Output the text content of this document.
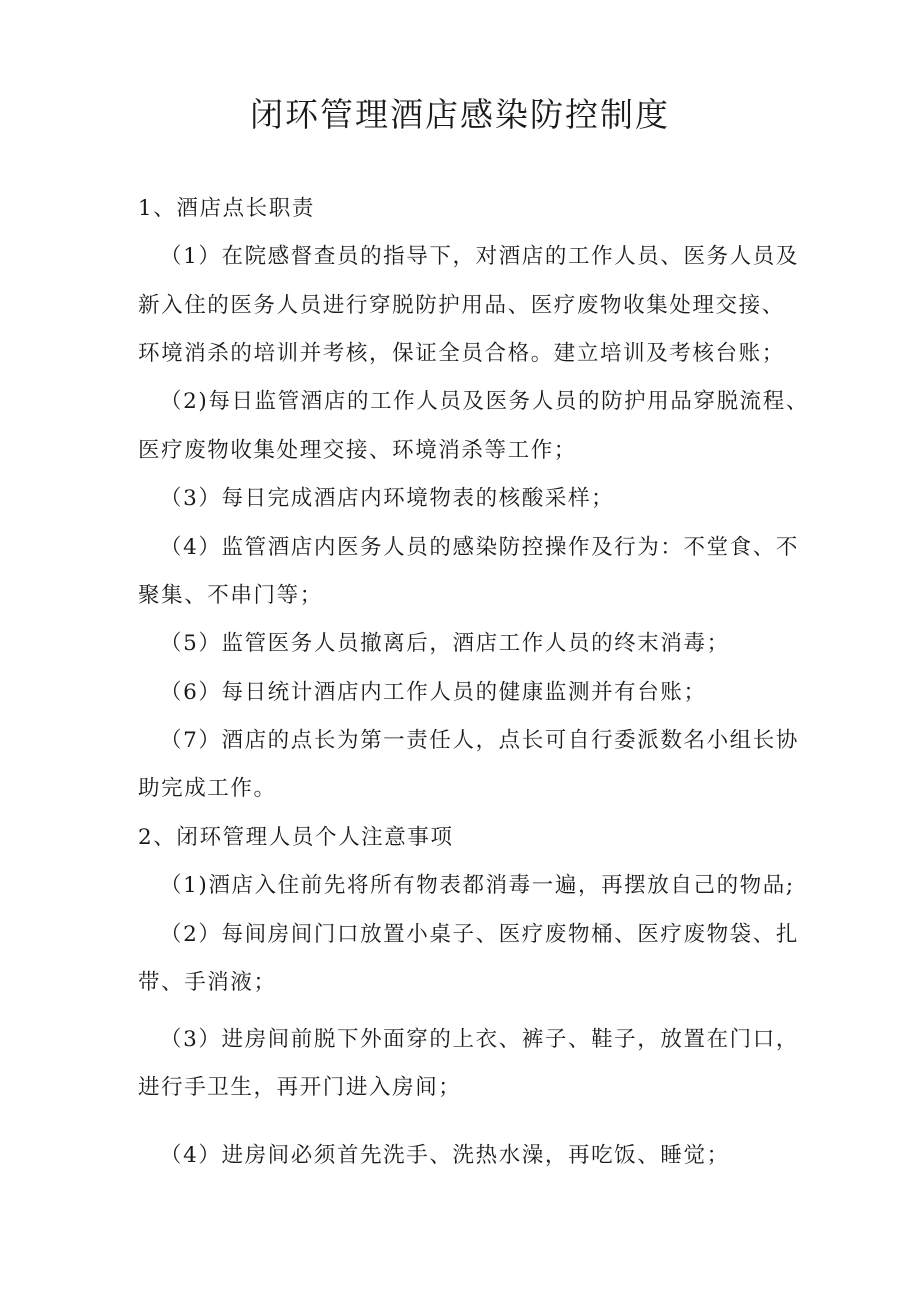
闭环管理酒店感染防控制度
1、酒店点长职责
（1）在院感督查员的指导下，对酒店的工作人员、医务人员及
新入住的医务人员进行穿脱防护用品、医疗废物收集处理交接、
环境消杀的培训并考核，保证全员合格。建立培训及考核台账；
（2)每日监管酒店的工作人员及医务人员的防护用品穿脱流程、
医疗废物收集处理交接、环境消杀等工作；
（3）每日完成酒店内环境物表的核酸采样；
（4）监管酒店内医务人员的感染防控操作及行为：不堂食、不
聚集、不串门等；
（5）监管医务人员撤离后，酒店工作人员的终末消毒；
（6）每日统计酒店内工作人员的健康监测并有台账；
（7）酒店的点长为第一责任人，点长可自行委派数名小组长协
助完成工作。
2、闭环管理人员个人注意事项
（1)酒店入住前先将所有物表都消毒一遍，再摆放自己的物品;
（2）每间房间门口放置小桌子、医疗废物桶、医疗废物袋、扎
带、手消液；
（3）进房间前脱下外面穿的上衣、裤子、鞋子，放置在门口，
进行手卫生，再开门进入房间；
（4）进房间必须首先洗手、洗热水澡，再吃饭、睡觉；
